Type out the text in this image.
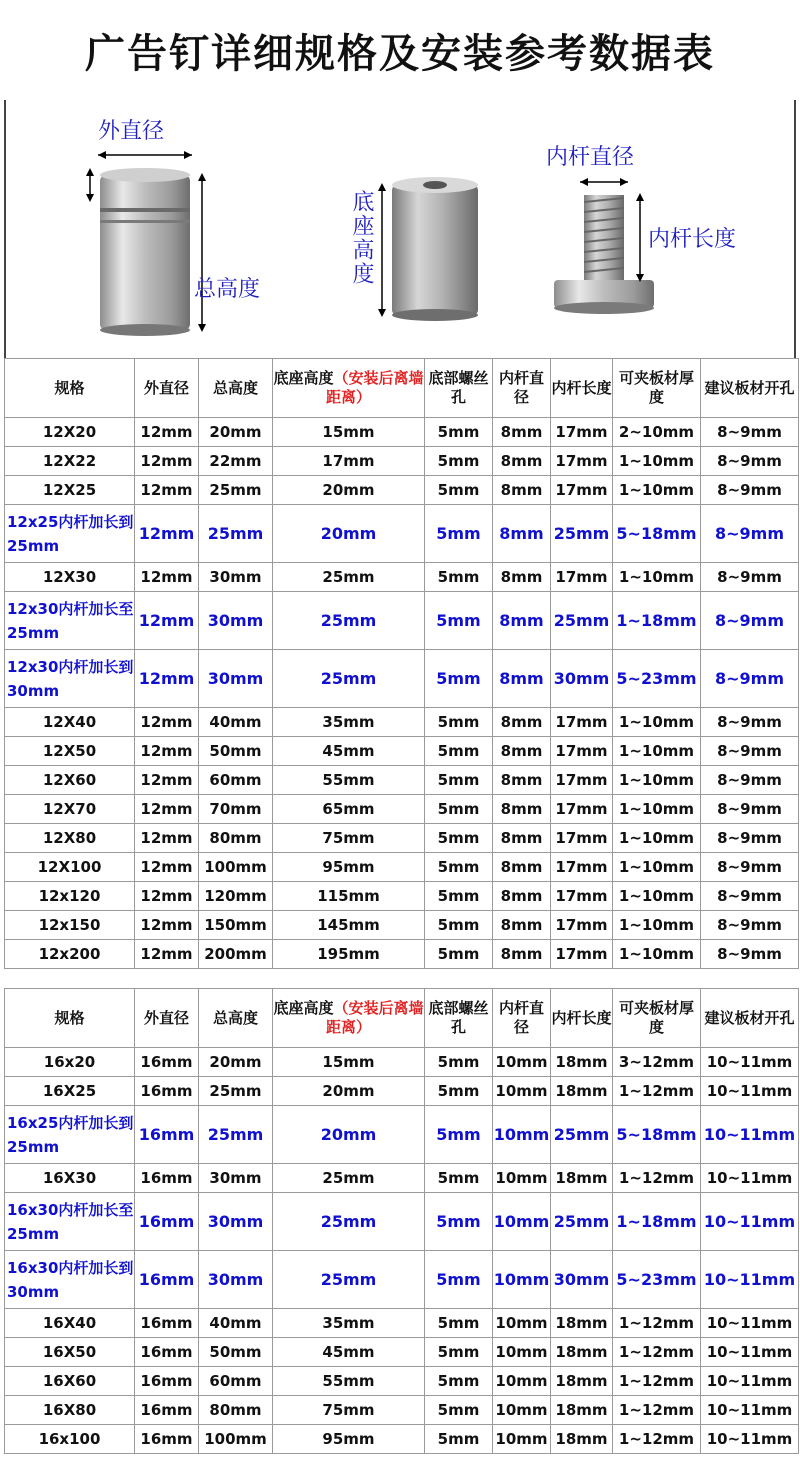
广告钉详细规格及安装参考数据表
外直径
总高度
底座高度
内杆直径
内杆长度
规格	外直径	总高度	底座高度（安装后离墙距离）	底部螺丝孔	内杆直径	内杆长度	可夹板材厚度	建议板材开孔
12X20	12mm	20mm	15mm	5mm	8mm	17mm	2~10mm	8~9mm
12X22	12mm	22mm	17mm	5mm	8mm	17mm	1~10mm	8~9mm
12X25	12mm	25mm	20mm	5mm	8mm	17mm	1~10mm	8~9mm
12x25内杆加长到25mm	12mm	25mm	20mm	5mm	8mm	25mm	5~18mm	8~9mm
12X30	12mm	30mm	25mm	5mm	8mm	17mm	1~10mm	8~9mm
12x30内杆加长至25mm	12mm	30mm	25mm	5mm	8mm	25mm	1~18mm	8~9mm
12x30内杆加长到30mm	12mm	30mm	25mm	5mm	8mm	30mm	5~23mm	8~9mm
12X40	12mm	40mm	35mm	5mm	8mm	17mm	1~10mm	8~9mm
12X50	12mm	50mm	45mm	5mm	8mm	17mm	1~10mm	8~9mm
12X60	12mm	60mm	55mm	5mm	8mm	17mm	1~10mm	8~9mm
12X70	12mm	70mm	65mm	5mm	8mm	17mm	1~10mm	8~9mm
12X80	12mm	80mm	75mm	5mm	8mm	17mm	1~10mm	8~9mm
12X100	12mm	100mm	95mm	5mm	8mm	17mm	1~10mm	8~9mm
12x120	12mm	120mm	115mm	5mm	8mm	17mm	1~10mm	8~9mm
12x150	12mm	150mm	145mm	5mm	8mm	17mm	1~10mm	8~9mm
12x200	12mm	200mm	195mm	5mm	8mm	17mm	1~10mm	8~9mm
规格	外直径	总高度	底座高度（安装后离墙距离）	底部螺丝孔	内杆直径	内杆长度	可夹板材厚度	建议板材开孔
16x20	16mm	20mm	15mm	5mm	10mm	18mm	3~12mm	10~11mm
16X25	16mm	25mm	20mm	5mm	10mm	18mm	1~12mm	10~11mm
16x25内杆加长到25mm	16mm	25mm	20mm	5mm	10mm	25mm	5~18mm	10~11mm
16X30	16mm	30mm	25mm	5mm	10mm	18mm	1~12mm	10~11mm
16x30内杆加长至25mm	16mm	30mm	25mm	5mm	10mm	25mm	1~18mm	10~11mm
16x30内杆加长到30mm	16mm	30mm	25mm	5mm	10mm	30mm	5~23mm	10~11mm
16X40	16mm	40mm	35mm	5mm	10mm	18mm	1~12mm	10~11mm
16X50	16mm	50mm	45mm	5mm	10mm	18mm	1~12mm	10~11mm
16X60	16mm	60mm	55mm	5mm	10mm	18mm	1~12mm	10~11mm
16X80	16mm	80mm	75mm	5mm	10mm	18mm	1~12mm	10~11mm
16x100	16mm	100mm	95mm	5mm	10mm	18mm	1~12mm	10~11mm
